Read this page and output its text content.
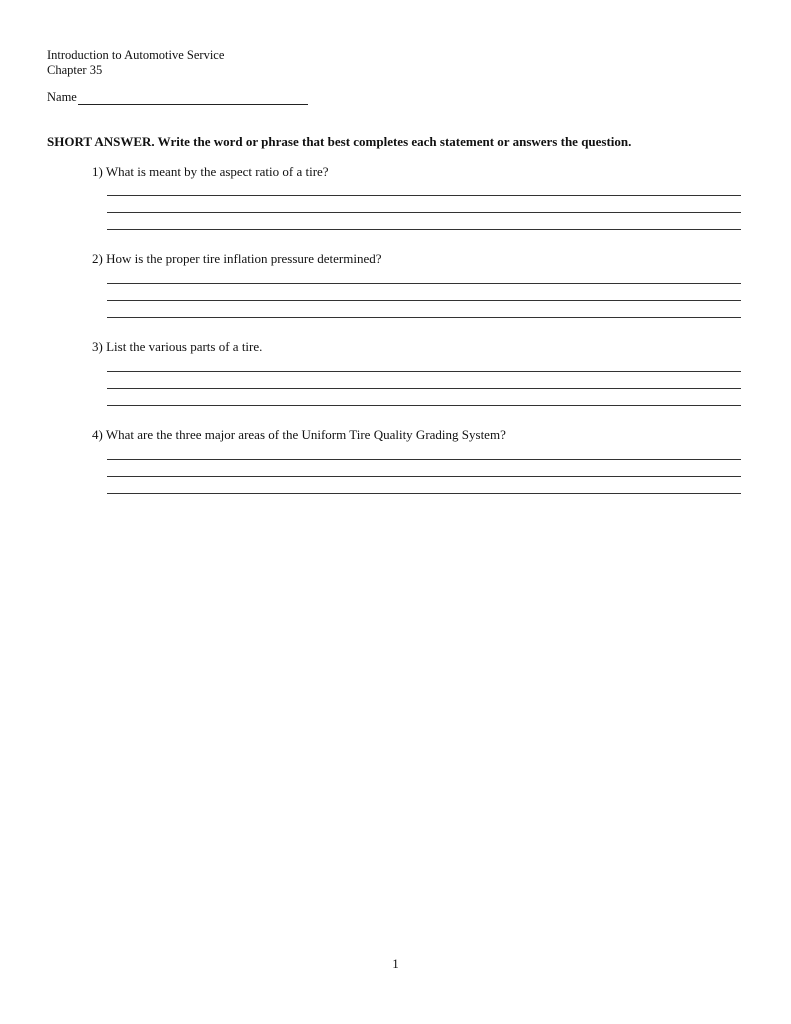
Introduction to Automotive Service
Chapter 35
Name
SHORT ANSWER. Write the word or phrase that best completes each statement or answers the question.
1) What is meant by the aspect ratio of a tire?
2) How is the proper tire inflation pressure determined?
3) List the various parts of a tire.
4) What are the three major areas of the Uniform Tire Quality Grading System?
1
